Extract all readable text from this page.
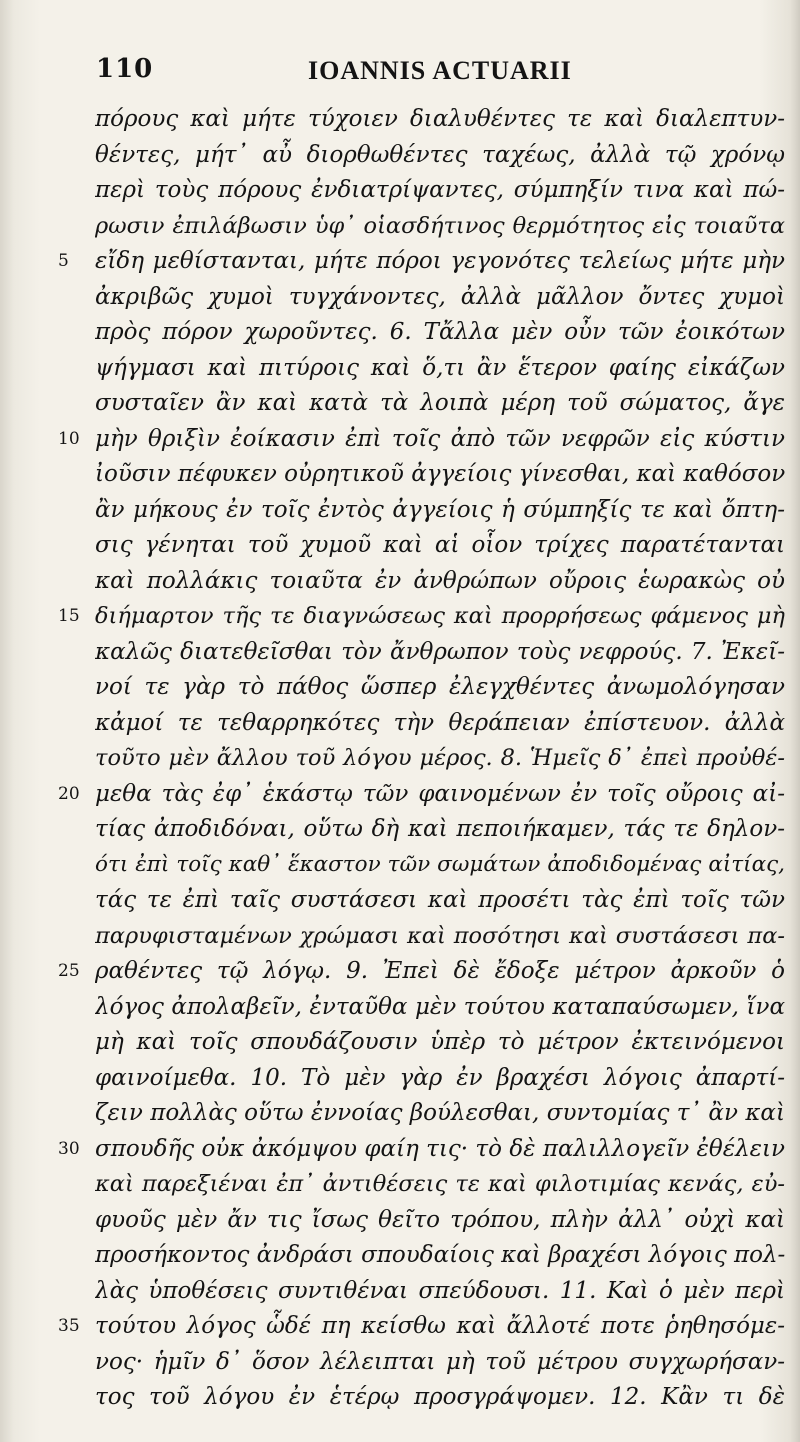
110	IOANNIS ACTUARII
πόρους καὶ μήτε τύχοιεν διαλυθέντες τε καὶ διαλεπτυν-
θέντες, μήτ᾽ αὖ διορθωθέντες ταχέως, ἀλλὰ τῷ χρόνῳ
περὶ τοὺς πόρους ἐνδιατρίψαντες, σύμπηξίν τινα καὶ πώ-
ρωσιν ἐπιλάβωσιν ὑφ᾽ οἱασδήτινος θερμότητος εἰς τοιαῦτα
5	εἴδη μεθίστανται, μήτε πόροι γεγονότες τελείως μήτε μὴν
ἀκριβῶς χυμοὶ τυγχάνοντες, ἀλλὰ μᾶλλον ὄντες χυμοὶ
πρὸς πόρον χωροῦντες. 6. Τἄλλα μὲν οὖν τῶν ἐοικότων
ψήγμασι καὶ πιτύροις καὶ ὅ,τι ἂν ἕτερον φαίης εἰκάζων
συσταῖεν ἂν καὶ κατὰ τὰ λοιπὰ μέρη τοῦ σώματος, ἄγε
10 μὴν θριξὶν ἐοίκασιν ἐπὶ τοῖς ἀπὸ τῶν νεφρῶν εἰς κύστιν
ἰοῦσιν πέφυκεν οὐρητικοῦ ἀγγείοις γίνεσθαι, καὶ καθόσον
ἂν μήκους ἐν τοῖς ἐντὸς ἀγγείοις ἡ σύμπηξίς τε καὶ ὄπτη-
σις γένηται τοῦ χυμοῦ καὶ αἱ οἷον τρίχες παρατέτανται
καὶ πολλάκις τοιαῦτα ἐν ἀνθρώπων οὔροις ἑωρακὼς οὐ
15 διήμαρτον τῆς τε διαγνώσεως καὶ προρρήσεως φάμενος μὴ
καλῶς διατεθεῖσθαι τὸν ἄνθρωπον τοὺς νεφρούς. 7. Ἐκεῖ-
νοί τε γὰρ τὸ πάθος ὥσπερ ἐλεγχθέντες ἀνωμολόγησαν
κἀμοί τε τεθαρρηκότες τὴν θεράπειαν ἐπίστευον. ἀλλὰ
τοῦτο μὲν ἄλλου τοῦ λόγου μέρος. 8. Ἡμεῖς δ᾽ ἐπεὶ προὐθέ-
20 μεθα τὰς ἐφ᾽ ἑκάστῳ τῶν φαινομένων ἐν τοῖς οὔροις αἰ-
τίας ἀποδιδόναι, οὕτω δὴ καὶ πεποιήκαμεν, τάς τε δηλον-
ότι ἐπὶ τοῖς καθ᾽ ἕκαστον τῶν σωμάτων ἀποδιδομένας αἰτίας,
τάς τε ἐπὶ ταῖς συστάσεσι καὶ προσέτι τὰς ἐπὶ τοῖς τῶν
παρυφισταμένων χρώμασι καὶ ποσότησι καὶ συστάσεσι πα-
25 ραθέντες τῷ λόγῳ. 9. Ἐπεὶ δὲ ἔδοξε μέτρον ἀρκοῦν ὁ
λόγος ἀπολαβεῖν, ἐνταῦθα μὲν τούτου καταπαύσωμεν, ἵνα
μὴ καὶ τοῖς σπουδάζουσιν ὑπὲρ τὸ μέτρον ἐκτεινόμενοι
φαινοίμεθα. 10. Τὸ μὲν γὰρ ἐν βραχέσι λόγοις ἀπαρτί-
ζειν πολλὰς οὕτω ἐννοίας βούλεσθαι, συντομίας τ᾽ ἂν καὶ
30 σπουδῆς οὐκ ἀκόμψου φαίη τις· τὸ δὲ παλιλλογεῖν ἐθέλειν
καὶ παρεξιέναι ἐπ᾽ ἀντιθέσεις τε καὶ φιλοτιμίας κενάς, εὐ-
φυοῦς μὲν ἄν τις ἴσως θεῖτο τρόπου, πλὴν ἀλλ᾽ οὐχὶ καὶ
προσήκοντος ἀνδράσι σπουδαίοις καὶ βραχέσι λόγοις πολ-
λὰς ὑποθέσεις συντιθέναι σπεύδουσι. 11. Καὶ ὁ μὲν περὶ
35 τούτου λόγος ὧδέ πη κείσθω καὶ ἄλλοτέ ποτε ῥηθησόμε-
νος· ἡμῖν δ᾽ ὅσον λέλειπται μὴ τοῦ μέτρου συγχωρήσαν-
τος τοῦ λόγου ἐν ἑτέρῳ προσγράψομεν. 12. Κἂν τι δὲ
